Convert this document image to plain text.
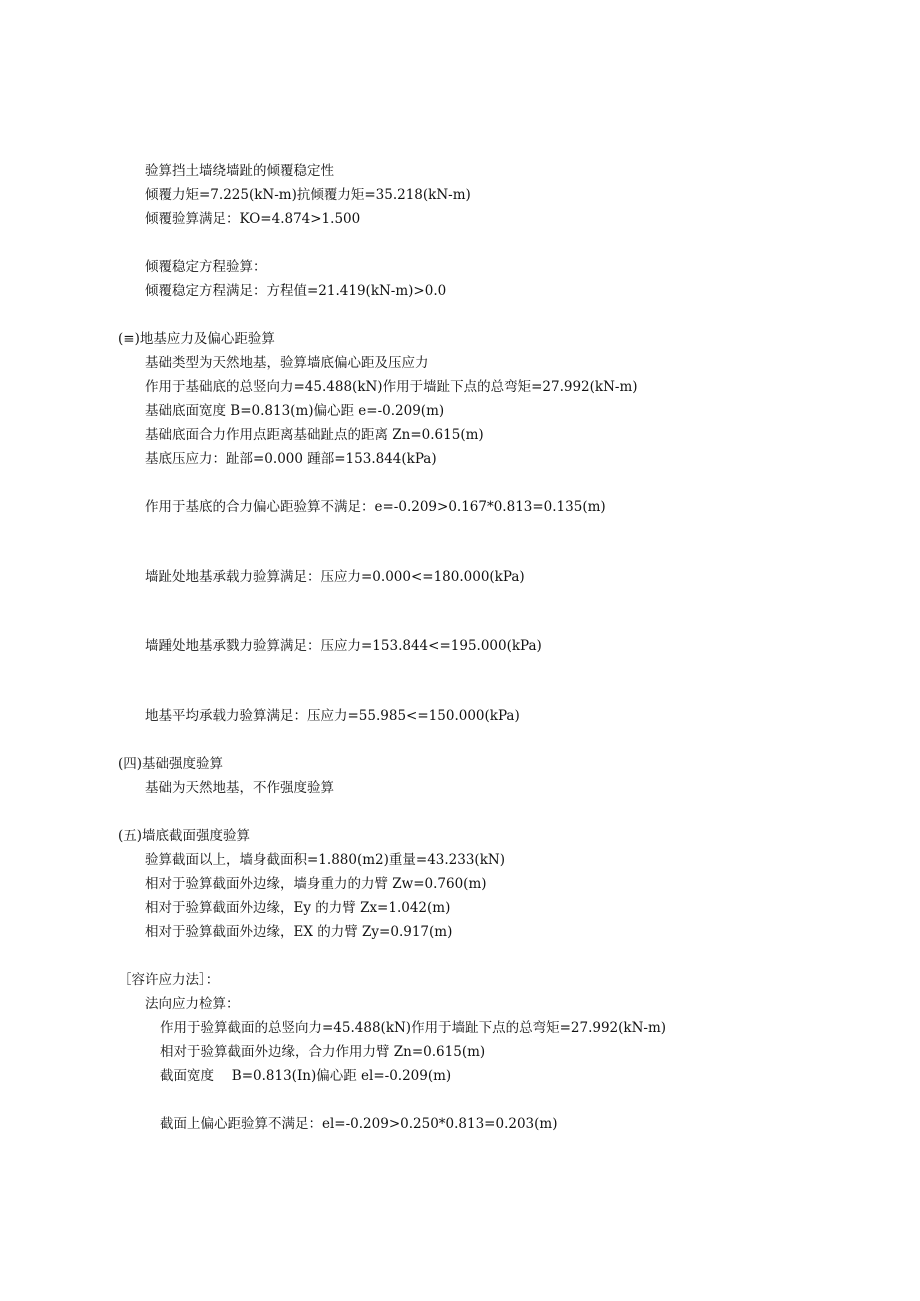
验算挡土墙绕墙趾的倾覆稳定性
倾覆力矩=7.225(kN-m)抗倾覆力矩=35.218(kN-m)
倾覆验算满足：KO=4.874>1.500
倾覆稳定方程验算：
倾覆稳定方程满足：方程值=21.419(kN-m)>0.0
(≡)地基应力及偏心距验算
基础类型为天然地基，验算墙底偏心距及压应力
作用于基础底的总竖向力=45.488(kN)作用于墙趾下点的总弯矩=27.992(kN-m)
基础底面宽度 B=0.813(m)偏心距 e=-0.209(m)
基础底面合力作用点距离基础趾点的距离 Zn=0.615(m)
基底压应力：趾部=0.000 踵部=153.844(kPa)
作用于基底的合力偏心距验算不满足：e=-0.209>0.167*0.813=0.135(m)
墙趾处地基承载力验算满足：压应力=0.000<=180.000(kPa)
墙踵处地基承戮力验算满足：压应力=153.844<=195.000(kPa)
地基平均承载力验算满足：压应力=55.985<=150.000(kPa)
(四)基础强度验算
基础为天然地基，不作强度验算
(五)墙底截面强度验算
验算截面以上，墙身截面积=1.880(m2)重量=43.233(kN)
相对于验算截面外边缘，墙身重力的力臂 Zw=0.760(m)
相对于验算截面外边缘，Ey 的力臂 Zx=1.042(m)
相对于验算截面外边缘，EX 的力臂 Zy=0.917(m)
［容许应力法］：
法向应力检算：
作用于验算截面的总竖向力=45.488(kN)作用于墙趾下点的总弯矩=27.992(kN-m)
相对于验算截面外边缘，合力作用力臂 Zn=0.615(m)
截面宽度　 B=0.813(In)偏心距 el=-0.209(m)
截面上偏心距验算不满足：el=-0.209>0.250*0.813=0.203(m)
